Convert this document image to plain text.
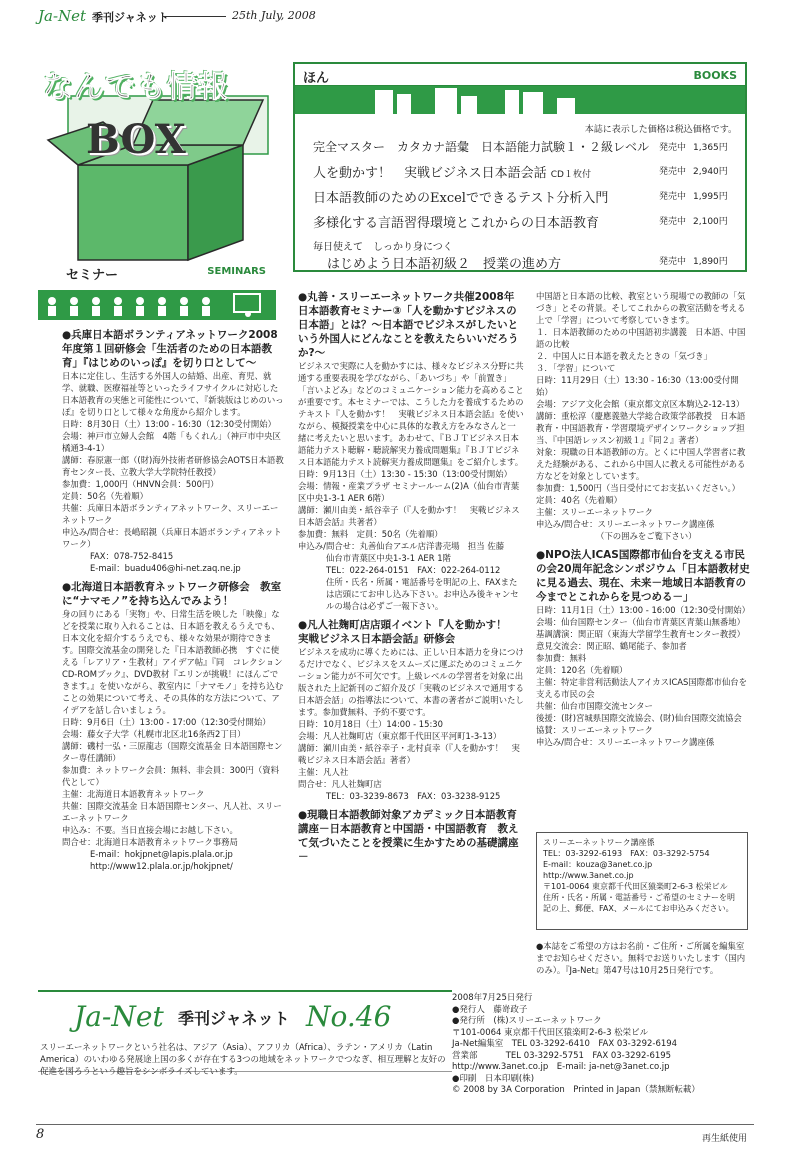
Ja-Net 季刊ジャネット	25th July, 2008
なんでも情報
BOX
ほん	BOOKS
本誌に表示した価格は税込価格です。
完全マスター　カタカナ語彙　日本語能力試験１・２級レベル 発売中 1,365円
人を動かす！　実戦ビジネス日本語会話 CD１枚付	発売中 2,940円
日本語教師のためのExcelでできるテスト分析入門	発売中 1,995円
多様化する言語習得環境とこれからの日本語教育	発売中 2,100円
毎日使えて　しっかり身につく
はじめよう日本語初級２　授業の進め方	発売中 1,890円
セミナー	SEMINARS
●兵庫日本語ボランティアネットワーク2008年度第１回研修会「生活者のための日本語教育」『はじめのいっぽ』を切り口として～
日本に定住し、生活する外国人の結婚、出産、育児、就学、就職、医療福祉等といったライフサイクルに対応した日本語教育の実態と可能性について、『新装版はじめのいっぽ』を切り口として様々な角度から紹介します。
日時：8月30日（土）13:00 - 16:30（12:30受付開始）
会場：神戸市立婦人会館　4階「もくれん」（神戸市中央区橘通3-4-1）
講師：春原憲一郎（(財)海外技術者研修協会AOTS日本語教育センター長、立教大学大学院特任教授）
参加費：1,000円（HNVN会員：500円）
定員：50名（先着順）
共催：兵庫日本語ボランティアネットワーク、スリーエーネットワーク
申込み/問合せ：長嶋昭親（兵庫日本語ボランティアネットワーク）
FAX：078-752-8415
E-mail：buadu406@hi-net.zaq.ne.jp
●北海道日本語教育ネットワーク研修会　教室に“ナマモノ”を持ち込んでみよう！
身の回りにある「実物」や、日常生活を映した「映像」などを授業に取り入れることは、日本語を教えるうえでも、日本文化を紹介するうえでも、様々な効果が期待できます。国際交流基金の開発した『日本語教師必携　すぐに使える「レアリア・生教材」アイデア帖』『同　コレクションCD-ROMブック』、DVD教材『エリンが挑戦！にほんごできます。』を使いながら、教室内に「ナマモノ」を持ち込むことの効果について考え、その具体的な方法について、アイデアを話し合いましょう。
日時：9月6日（土）13:00 - 17:00（12:30受付開始）
会場：藤女子大学（札幌市北区北16条西2丁目）
講師：磯村一弘・三原龍志（国際交流基金 日本語国際センター専任講師）
参加費：ネットワーク会員：無料、非会員：300円（資料代として）
主催：北海道日本語教育ネットワーク
共催：国際交流基金 日本語国際センター、凡人社、スリーエーネットワーク
申込み：不要。当日直接会場にお越し下さい。
問合せ：北海道日本語教育ネットワーク事務局
E-mail：hokjpnet@lapis.plala.or.jp
http://www12.plala.or.jp/hokjpnet/
●丸善・スリーエーネットワーク共催2008年日本語教育セミナー③「人を動かすビジネスの日本語」とは？～日本語でビジネスがしたいという外国人にどんなことを教えたらいいだろうか?～
ビジネスで実際に人を動かすには、様々なビジネス分野に共通する重要表現を学びながら、「あいづち」や「前置き」「言いよどみ」などのコミュニケーション能力を高めることが重要です。本セミナーでは、こうした力を養成するためのテキスト『人を動かす！　実戦ビジネス日本語会話』を使いながら、模擬授業を中心に具体的な教え方をみなさんと一緒に考えたいと思います。あわせて、『ＢＪＴビジネス日本語能力テスト聴解・聴読解実力養成問題集』『ＢＪＴビジネス日本語能力テスト読解実力養成問題集』をご紹介します。
日時：9月13日（土）13:30 - 15:30（13:00受付開始）
会場：情報・産業プラザ セミナールーム(2)A（仙台市青葉区中央1-3-1 AER 6階）
講師：瀬川由美・紙谷幸子（『人を動かす！　実戦ビジネス日本語会話』共著者）
参加費：無料　定員：50名（先着順）
申込み/問合せ：丸善仙台アエル店洋書売場　担当 佐藤
仙台市青葉区中央1-3-1 AER 1階
TEL：022-264-0151　FAX：022-264-0112
住所・氏名・所属・電話番号を明記の上、FAXまたは店頭にてお申し込み下さい。お申込み後キャンセルの場合は必ずご一報下さい。
●凡人社麹町店店頭イベント『人を動かす！　実戦ビジネス日本語会話』研修会
ビジネスを成功に導くためには、正しい日本語力を身につけるだけでなく、ビジネスをスムーズに運ぶためのコミュニケーション能力が不可欠です。上級レベルの学習者を対象に出版された上記新刊のご紹介及び「実戦のビジネスで通用する日本語会話」の指導法について、本書の著者がご説明いたします。参加費無料、予約不要です。
日時：10月18日（土）14:00 - 15:30
会場：凡人社麹町店（東京都千代田区平河町1-3-13）
講師：瀬川由美・紙谷幸子・北村貞幸（『人を動かす！　実戦ビジネス日本語会話』著者）
主催：凡人社
問合せ：凡人社麹町店
TEL：03-3239-8673　FAX：03-3238-9125
●現職日本語教師対象アカデミック日本語教育講座－日本語教育と中国語・中国語教育　教えて気づいたことを授業に生かすための基礎講座－
中国語と日本語の比較、教室という現場での教師の「気づき」とその背景。そしてこれからの教室活動を考える上で「学習」について考察していきます。
１．日本語教師のための中国語初歩講義　日本語、中国語の比較
２．中国人に日本語を教えたときの「気づき」
３．「学習」について
日時：11月29日（土）13:30 - 16:30（13:00受付開始）
会場：アジア文化会館（東京都文京区本駒込2-12-13）
講師：重松淳（慶應義塾大学総合政策学部教授　日本語教育・中国語教育・学習環境デザインワークショップ担当、『中国語レッスン初級１』『同２』著者）
対象：現職の日本語教師の方。とくに中国人学習者に教えた経験がある、これから中国人に教える可能性がある方などを対象としています。
参加費：1,500円（当日受付にてお支払いください。）
定員：40名（先着順）
主催：スリーエーネットワーク
申込み/問合せ：スリーエーネットワーク講座係
（下の囲みをご覧下さい）
●NPO法人ICAS国際都市仙台を支える市民の会20周年記念シンポジウム「日本語教材史に見る過去、現在、未来－地域日本語教育の今までとこれからを見つめる－」
日時：11月1日（土）13:00 - 16:00（12:30受付開始）
会場：仙台国際センター（仙台市青葉区青葉山無番地）
基調講演：関正昭（東海大学留学生教育センター教授）
意見交流会：関正昭、鶴尾能子、参加者
参加費：無料
定員：120名（先着順）
主催：特定非営利活動法人アイカスICAS国際都市仙台を支える市民の会
共催：仙台市国際交流センター
後援：(財)宮城県国際交流協会、(財)仙台国際交流協会
協賛：スリーエーネットワーク
申込み/問合せ：スリーエーネットワーク講座係
スリーエーネットワーク講座係
TEL：03-3292-6193　FAX：03-3292-5754
E-mail：kouza@3anet.co.jp　http://www.3anet.co.jp
〒101-0064 東京都千代田区猿楽町2-6-3 松栄ビル
住所・氏名・所属・電話番号・ご希望のセミナーを明記の上、郵便、FAX、メールにてお申込みください。
●本誌をご希望の方はお名前・ご住所・ご所属を編集室までお知らせください。無料でお送りいたします（国内のみ）。『Ja-Net』第47号は10月25日発行です。
Ja-Net 季刊ジャネット No.46
スリーエーネットワークという社名は、アジア（Asia）、アフリカ（Africa）、ラテン・アメリカ（Latin America）のいわゆる発展途上国の多くが存在する3つの地域をネットワークでつなぎ、相互理解と友好の促進を図ろうという趣旨をシンボライズしています。
2008年7月25日発行
●発行人　藤嵜政子
●発行所　(株)スリーエーネットワーク
〒101-0064 東京都千代田区猿楽町2-6-3 松栄ビル
Ja-Net編集室　TEL 03-3292-6410　FAX 03-3292-6194
営業部　　　 TEL 03-3292-5751　FAX 03-3292-6195
http://www.3anet.co.jp　E-mail: ja-net@3anet.co.jp
●印刷　日本印刷(株)
© 2008 by 3A Corporation　Printed in Japan（禁無断転載）
8	再生紙使用
